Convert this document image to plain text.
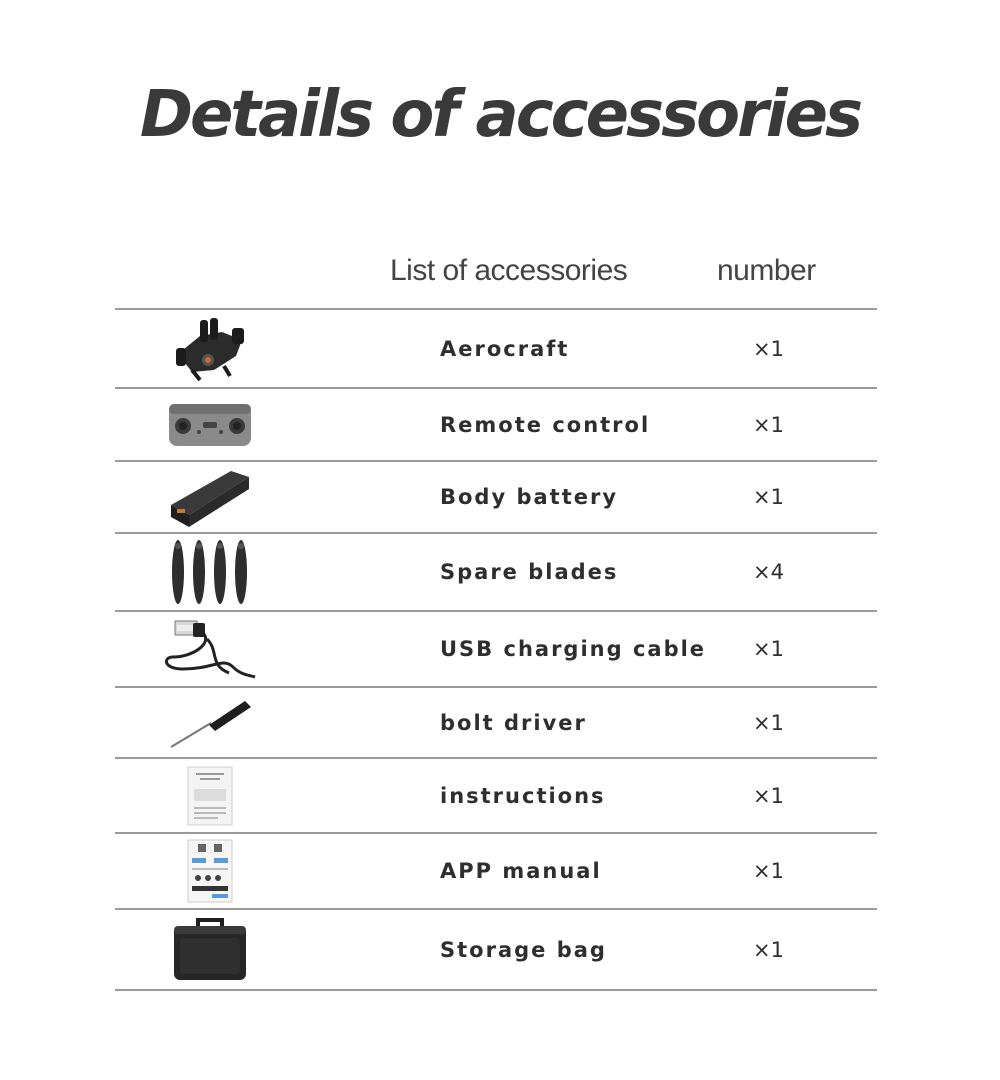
Details of accessories
List of accessories	number
Aerocraft	×1
Remote control	×1
Body battery	×1
Spare blades	×4
USB charging cable ×1
bolt driver	×1
instructions	×1
APP manual	×1
Storage bag	×1
